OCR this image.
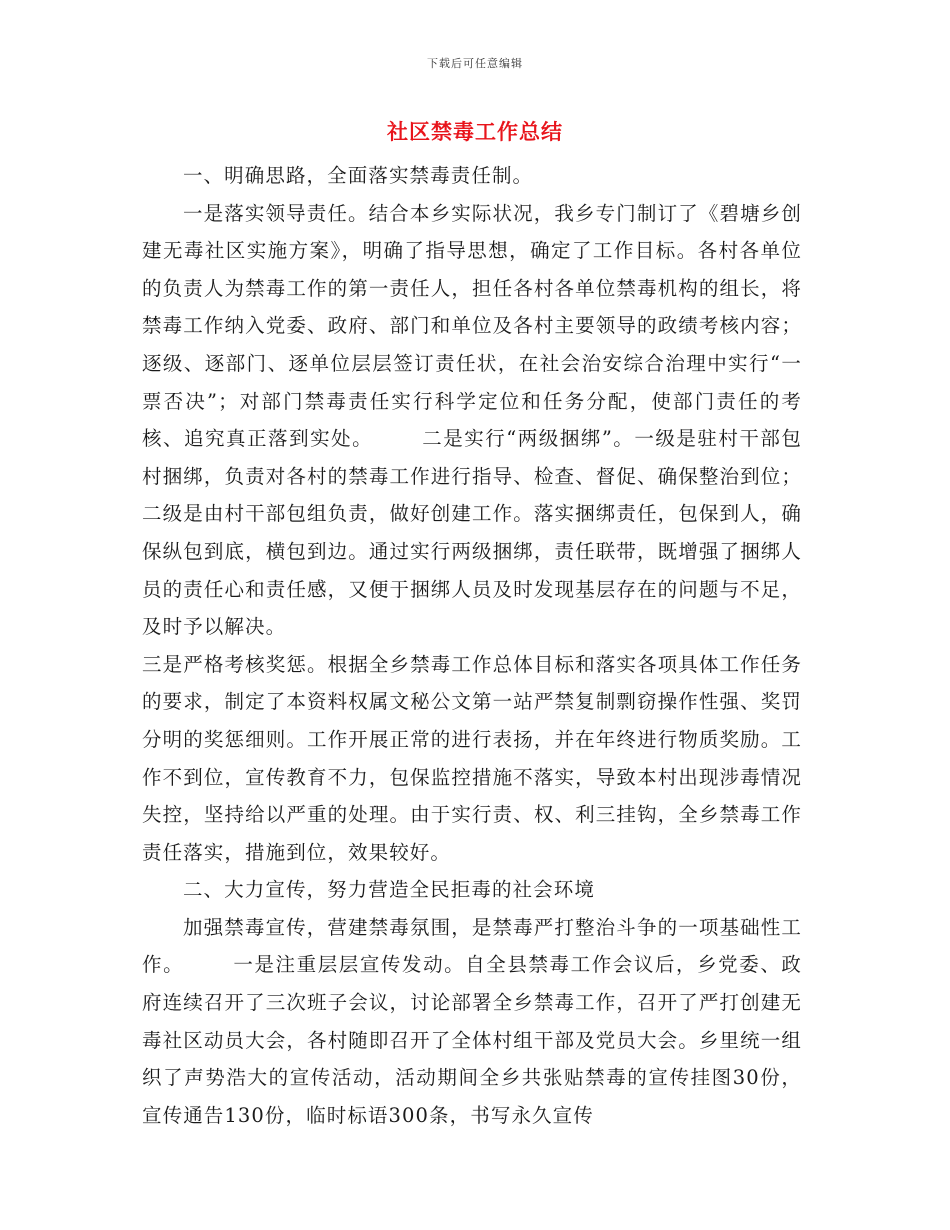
下载后可任意编辑
社区禁毒工作总结

一、明确思路，全面落实禁毒责任制。

一是落实领导责任。结合本乡实际状况，我乡专门制订了《碧塘乡创建无毒社区实施方案》，明确了指导思想，确定了工作目标。各村各单位的负责人为禁毒工作的第一责任人，担任各村各单位禁毒机构的组长，将禁毒工作纳入党委、政府、部门和单位及各村主要领导的政绩考核内容；逐级、逐部门、逐单位层层签订责任状，在社会治安综合治理中实行“一票否决”；对部门禁毒责任实行科学定位和任务分配，使部门责任的考核、追究真正落到实处。	二是实行“两级捆绑”。一级是驻村干部包村捆绑，负责对各村的禁毒工作进行指导、检查、督促、确保整治到位；二级是由村干部包组负责，做好创建工作。落实捆绑责任，包保到人，确保纵包到底，横包到边。通过实行两级捆绑，责任联带，既增强了捆绑人员的责任心和责任感，又便于捆绑人员及时发现基层存在的问题与不足，及时予以解决。

三是严格考核奖惩。根据全乡禁毒工作总体目标和落实各项具体工作任务的要求，制定了本资料权属文秘公文第一站严禁复制剽窃操作性强、奖罚分明的奖惩细则。工作开展正常的进行表扬，并在年终进行物质奖励。工作不到位，宣传教育不力，包保监控措施不落实，导致本村出现涉毒情况失控，坚持给以严重的处理。由于实行责、权、利三挂钩，全乡禁毒工作责任落实，措施到位，效果较好。

二、大力宣传，努力营造全民拒毒的社会环境

加强禁毒宣传，营建禁毒氛围，是禁毒严打整治斗争的一项基础性工作。	一是注重层层宣传发动。自全县禁毒工作会议后，乡党委、政府连续召开了三次班子会议，讨论部署全乡禁毒工作，召开了严打创建无毒社区动员大会，各村随即召开了全体村组干部及党员大会。乡里统一组织了声势浩大的宣传活动，活动期间全乡共张贴禁毒的宣传挂图30份，宣传通告130份，临时标语300条，书写永久宣传
